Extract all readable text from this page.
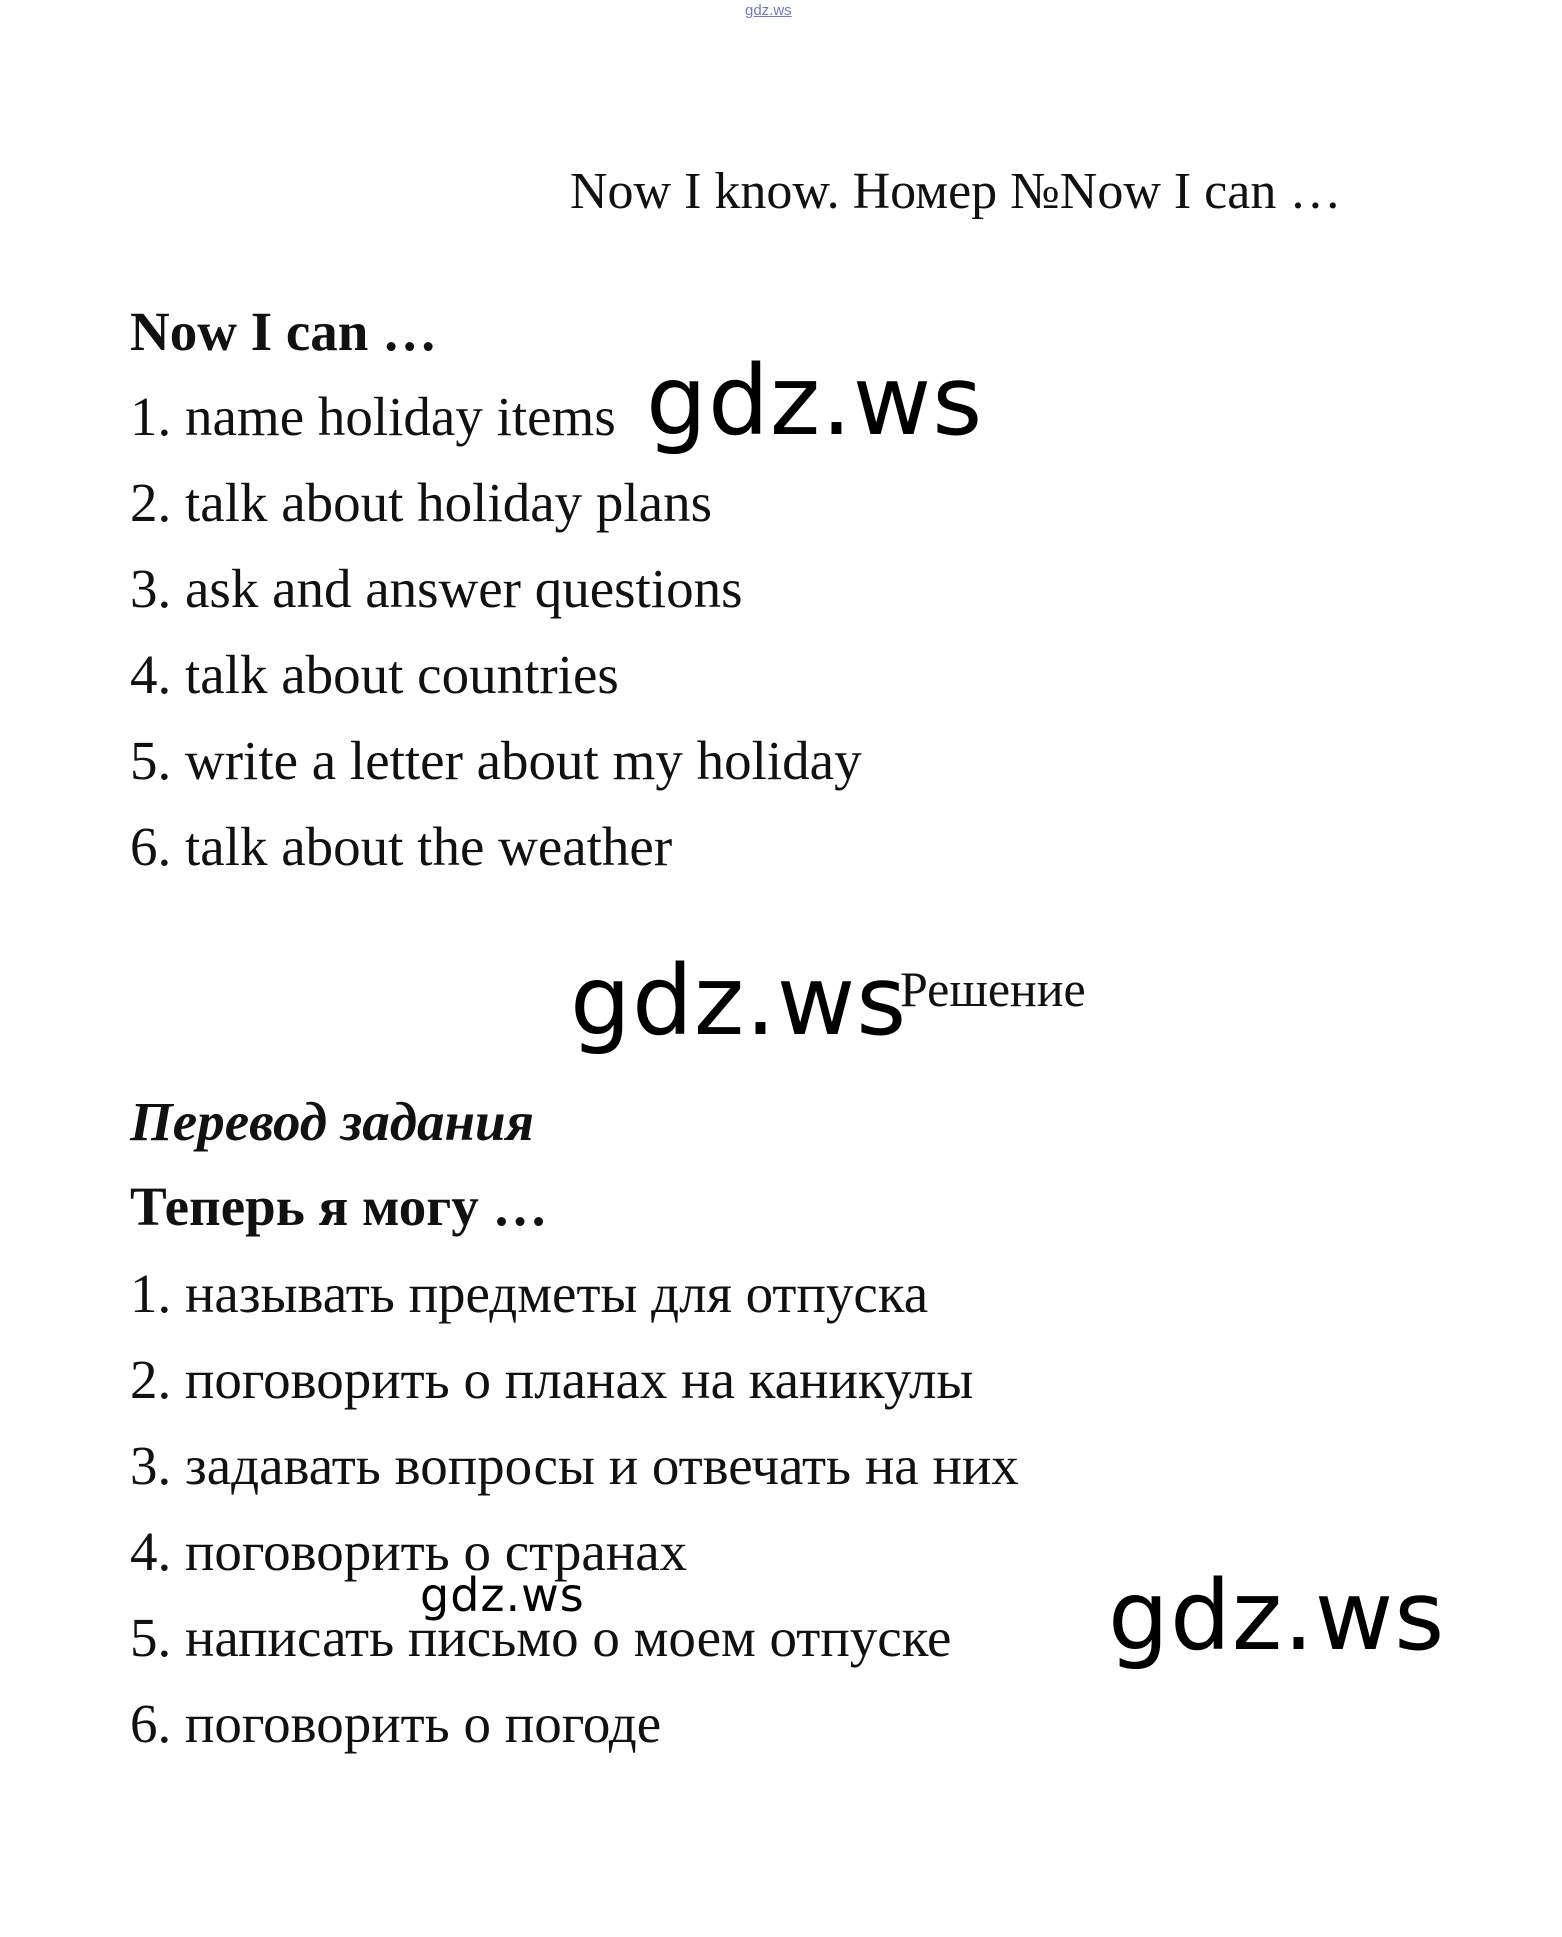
gdz.ws
Now I know. Номер №Now I can …
Now I can …
1. name holiday items
2. talk about holiday plans
3. ask and answer questions
4. talk about countries
5. write a letter about my holiday
6. talk about the weather
Решение
Перевод задания
Теперь я могу …
1. называть предметы для отпуска
2. поговорить о планах на каникулы
3. задавать вопросы и отвечать на них
4. поговорить о странах
5. написать письмо о моем отпуске
6. поговорить о погоде
gdz.ws
gdz.ws
gdz.ws	gdz.ws
